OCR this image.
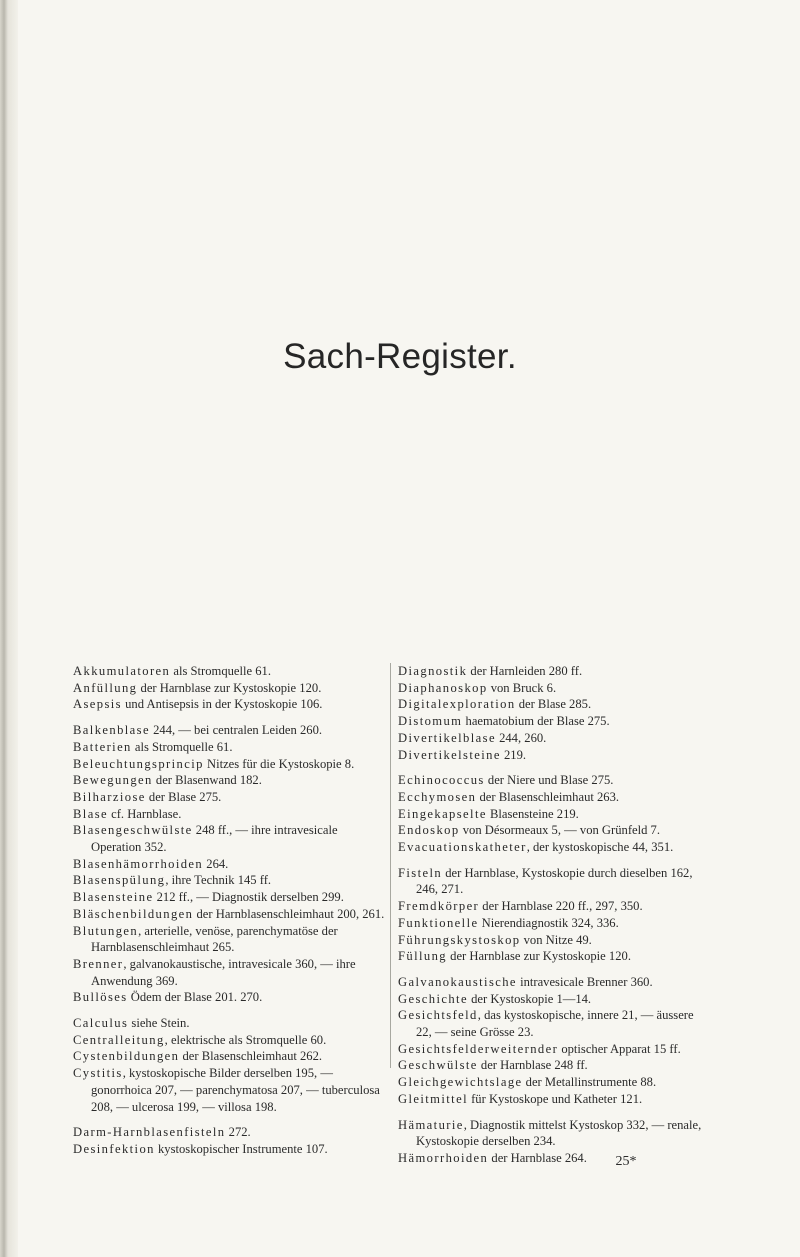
Sach-Register.

Akkumulatoren als Stromquelle 61.

Anfüllung der Harnblase zur Kystoskopie 120.

Asepsis und Antisepsis in der Kystoskopie 106.

Balkenblase 244, — bei centralen Leiden 260.

Batterien als Stromquelle 61.

Beleuchtungsprincip Nitzes für die Kystoskopie 8.

Bewegungen der Blasenwand 182.

Bilharziose der Blase 275.

Blase cf. Harnblase.

Blasengeschwülste 248 ff., — ihre intravesicale Operation 352.

Blasenhämorrhoiden 264.

Blasenspülung, ihre Technik 145 ff.

Blasensteine 212 ff., — Diagnostik derselben 299.

Bläschenbildungen der Harnblasenschleimhaut 200, 261.

Blutungen, arterielle, venöse, parenchymatöse der Harnblasenschleimhaut 265.

Brenner, galvanokaustische, intravesicale 360, — ihre Anwendung 369.

Bullöses Ödem der Blase 201. 270.

Calculus siehe Stein.

Centralleitung, elektrische als Stromquelle 60.

Cystenbildungen der Blasenschleimhaut 262.

Cystitis, kystoskopische Bilder derselben 195, — gonorrhoica 207, — parenchymatosa 207, — tuberculosa 208, — ulcerosa 199, — villosa 198.

Darm-Harnblasenfisteln 272.

Desinfektion kystoskopischer Instrumente 107.

Diagnostik der Harnleiden 280 ff.

Diaphanoskop von Bruck 6.

Digitalexploration der Blase 285.

Distomum haematobium der Blase 275.

Divertikelblase 244, 260.

Divertikelsteine 219.

Echinococcus der Niere und Blase 275.

Ecchymosen der Blasenschleimhaut 263.

Eingekapselte Blasensteine 219.

Endoskop von Désormeaux 5, — von Grünfeld 7.

Evacuationskatheter, der kystoskopische 44, 351.

Fisteln der Harnblase, Kystoskopie durch dieselben 162, 246, 271.

Fremdkörper der Harnblase 220 ff., 297, 350.

Funktionelle Nierendiagnostik 324, 336.

Führungskystoskop von Nitze 49.

Füllung der Harnblase zur Kystoskopie 120.

Galvanokaustische intravesicale Brenner 360.

Geschichte der Kystoskopie 1—14.

Gesichtsfeld, das kystoskopische, innere 21, — äussere 22, — seine Grösse 23.

Gesichtsfelderweiternder optischer Apparat 15 ff.

Geschwülste der Harnblase 248 ff.

Gleichgewichtslage der Metallinstrumente 88.

Gleitmittel für Kystoskope und Katheter 121.

Hämaturie, Diagnostik mittelst Kystoskop 332, — renale, Kystoskopie derselben 234.

Hämorrhoiden der Harnblase 264.	25*
